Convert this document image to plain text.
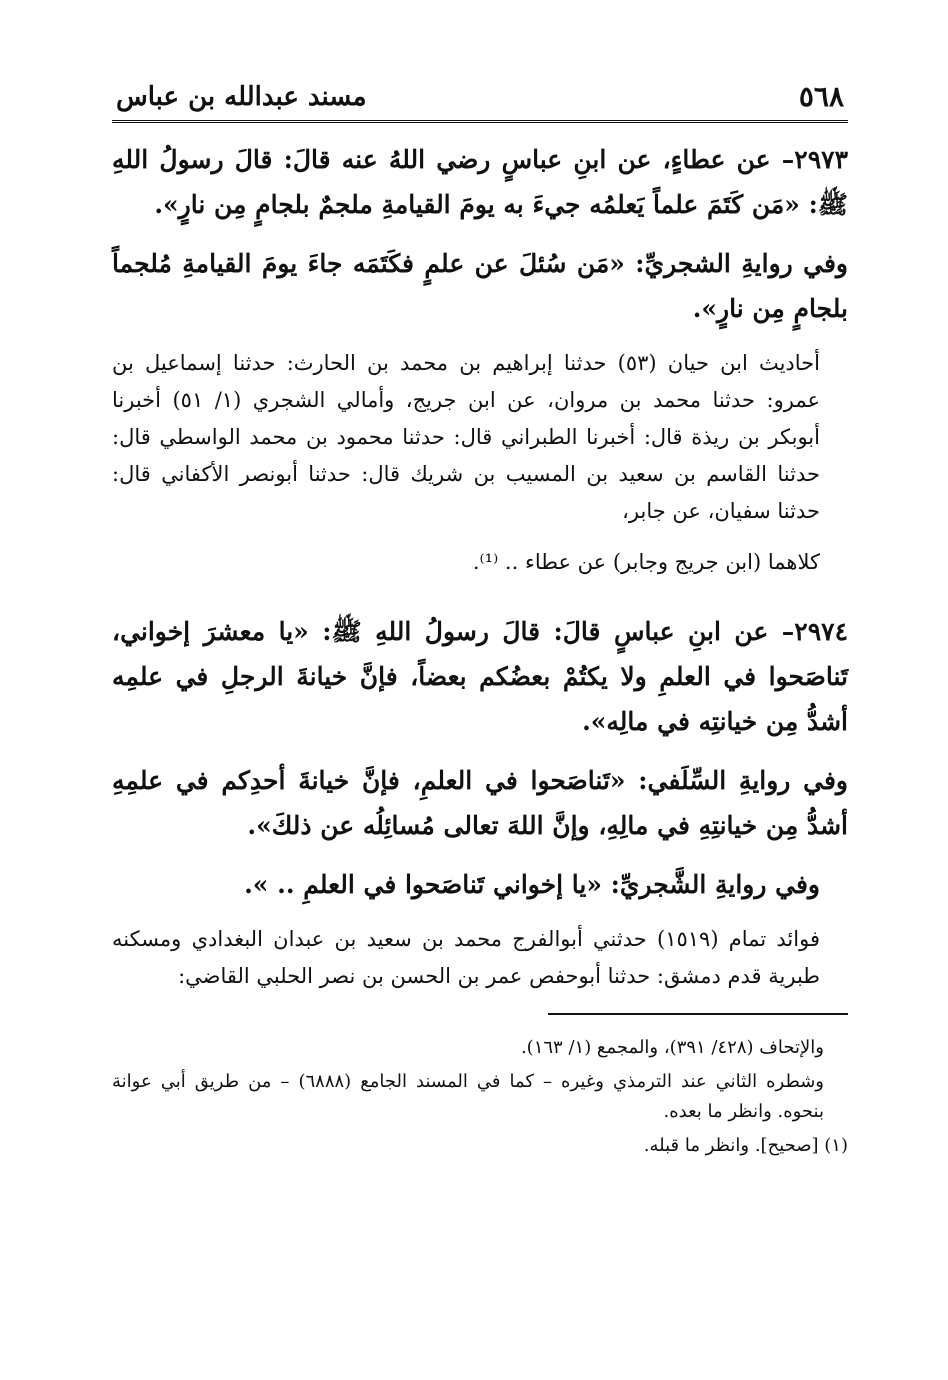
٥٦٨
مسند عبدالله بن عباس

٢٩٧٣– عن عطاءٍ، عن ابنِ عباسٍ رضي اللهُ عنه قالَ: قالَ رسولُ اللهِ ﷺ: «مَن كَتَمَ علماً يَعلمُه جيءَ به يومَ القيامةِ ملجمٌ بلجامٍ مِن نارٍ».

وفي روايةِ الشجريِّ: «مَن سُئلَ عن علمٍ فكَتَمَه جاءَ يومَ القيامةِ مُلجماً بلجامٍ مِن نارٍ».

أحاديث ابن حيان (٥٣) حدثنا إبراهيم بن محمد بن الحارث: حدثنا إسماعيل بن عمرو: حدثنا محمد بن مروان، عن ابن جريج، وأمالي الشجري (١/ ٥١) أخبرنا أبوبكر بن ريذة قال: أخبرنا الطبراني قال: حدثنا محمود بن محمد الواسطي قال: حدثنا القاسم بن سعيد بن المسيب بن شريك قال: حدثنا أبونصر الأكفاني قال: حدثنا سفيان، عن جابر،

كلاهما (ابن جريج وجابر) عن عطاء .. ⁽¹⁾.

٢٩٧٤– عن ابنِ عباسٍ قالَ: قالَ رسولُ اللهِ ﷺ: «يا معشرَ إخواني، تَناصَحوا في العلمِ ولا يكتُمْ بعضُكم بعضاً، فإنَّ خيانةَ الرجلِ في علمِه أشدُّ مِن خيانتِه في مالِه».

وفي روايةِ السِّلَفي: «تَناصَحوا في العلمِ، فإنَّ خيانةَ أحدِكم في علمِهِ أشدُّ مِن خيانتِهِ في مالِهِ، وإنَّ اللهَ تعالى مُسائِلُه عن ذلكَ».

وفي روايةِ الشَّجريِّ: «يا إخواني تَناصَحوا في العلمِ .. ».

فوائد تمام (١٥١٩) حدثني أبوالفرج محمد بن سعيد بن عبدان البغدادي ومسكنه طبرية قدم دمشق: حدثنا أبوحفص عمر بن الحسن بن نصر الحلبي القاضي:

والإتحاف (٤٢٨/ ٣٩١)، والمجمع (١/ ١٦٣).

وشطره الثاني عند الترمذي وغيره – كما في المسند الجامع (٦٨٨٨) – من طريق أبي عوانة بنحوه. وانظر ما بعده.

(١) [صحيح]. وانظر ما قبله.
